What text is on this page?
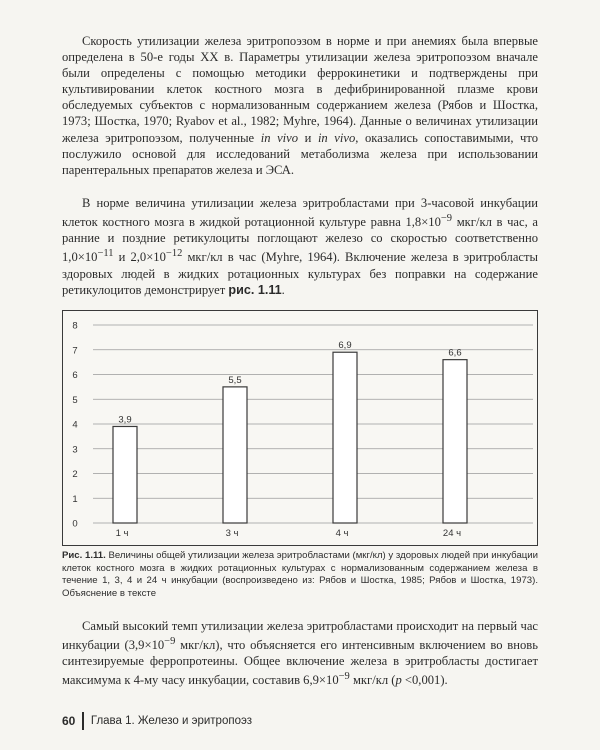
Скорость утилизации железа эритропоэзом в норме и при анемиях была впервые определена в 50-е годы XX в. Параметры утилизации железа эритропоэзом вначале были определены с помощью методики феррокинетики и подтверждены при культивировании клеток костного мозга в дефибринированной плазме крови обследуемых субъектов с нормализованным содержанием железа (Рябов и Шостка, 1973; Шостка, 1970; Ryabov et al., 1982; Myhre, 1964). Данные о величинах утилизации железа эритропоэзом, полученные in vivo и in vivo, оказались сопоставимыми, что послужило основой для исследований метаболизма железа при использовании парентеральных препаратов железа и ЭСА.

В норме величина утилизации железа эритробластами при 3-часовой инкубации клеток костного мозга в жидкой ротационной культуре равна $1,8\times 10^{-9}$ мкг/кл в час, а ранние и поздние ретикулоциты поглощают железо со скоростью соответственно $1,0\times 10^{-11}$ и $2,0\times 10^{-12}$ мкг/кл в час (Myhre, 1964). Включение железа в эритробласты здоровых людей в жидких ротационных культурах без поправки на содержание ретикулоцитов демонстрирует рис. 1.11.

0
1
2
3
4
5
6
7
8
3,9
1 ч
5,5
3 ч
6,9
4 ч
6,6
24 ч
Рис. 1.11. Величины общей утилизации железа эритробластами (мкг/кл) у здоровых людей при инкубации клеток костного мозга в жидких ротационных культурах с нормализованным содержанием железа в течение 1, 3, 4 и 24 ч инкубации (воспроизведено из: Рябов и Шостка, 1985; Рябов и Шостка, 1973). Объяснение в тексте

Самый высокий темп утилизации железа эритробластами происходит на первый час инкубации ($3,9\times 10^{-9}$ мкг/кл), что объясняется его интенсивным включением во вновь синтезируемые ферропротеины. Общее включение железа в эритробласты достигает максимума к 4-му часу инкубации, составив $6,9\times 10^{-9}$ мкг/кл (p <0,001).

60 Глава 1. Железо и эритропоэз
